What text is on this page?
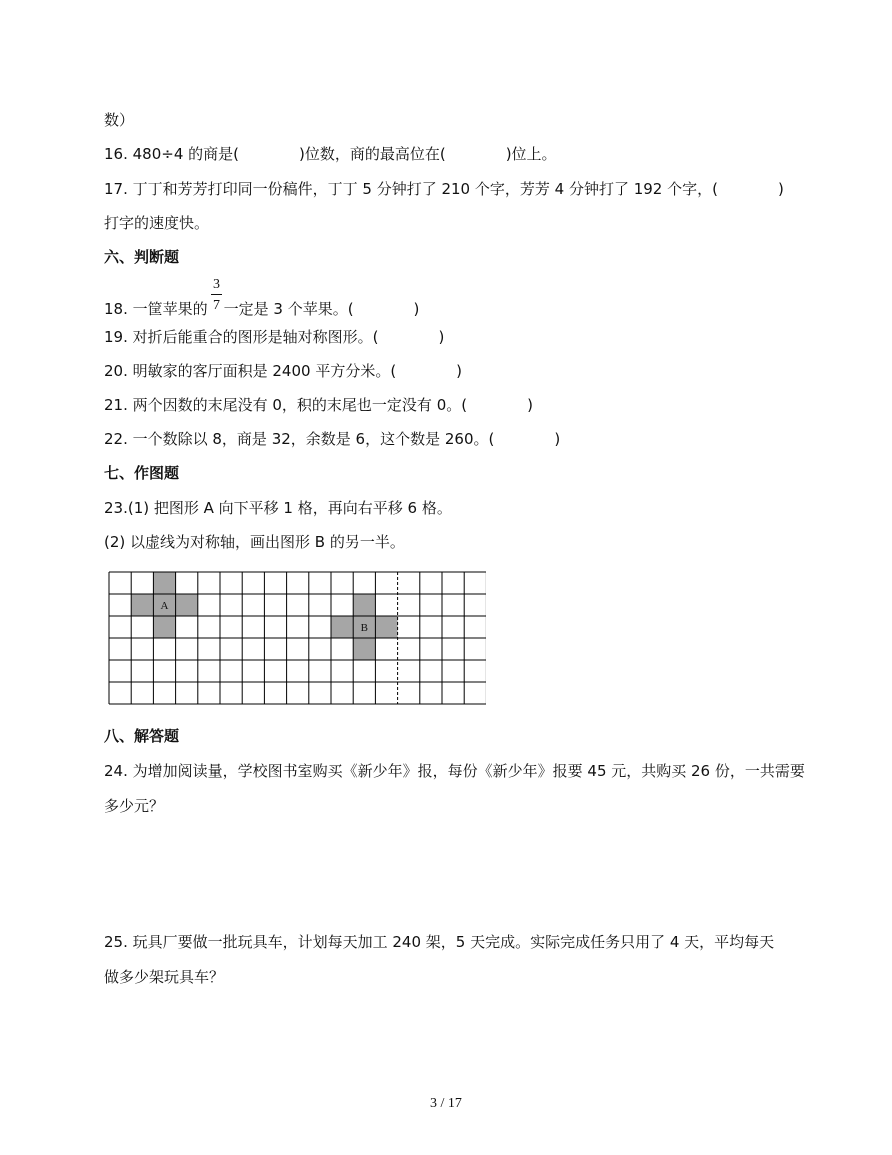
数）
16. 480÷4 的商是(　　　　)位数，商的最高位在(　　　　)位上。
17. 丁丁和芳芳打印同一份稿件，丁丁 5 分钟打了 210 个字，芳芳 4 分钟打了 192 个字，(　　　　)
打字的速度快。
六、判断题
18. 一筐苹果的 一定是 3 个苹果。(　　　　)
3
7
19. 对折后能重合的图形是轴对称图形。(　　　　)
20. 明敏家的客厅面积是 2400 平方分米。(　　　　)
21. 两个因数的末尾没有 0，积的末尾也一定没有 0。(　　　　)
22. 一个数除以 8，商是 32，余数是 6，这个数是 260。(　　　　)
七、作图题
23.(1) 把图形 A 向下平移 1 格，再向右平移 6 格。
(2) 以虚线为对称轴，画出图形 B 的另一半。
A
B
八、解答题
24. 为增加阅读量，学校图书室购买《新少年》报，每份《新少年》报要 45 元，共购买 26 份，一共需要
多少元？
25. 玩具厂要做一批玩具车，计划每天加工 240 架，5 天完成。实际完成任务只用了 4 天，平均每天
做多少架玩具车？
3 / 17
